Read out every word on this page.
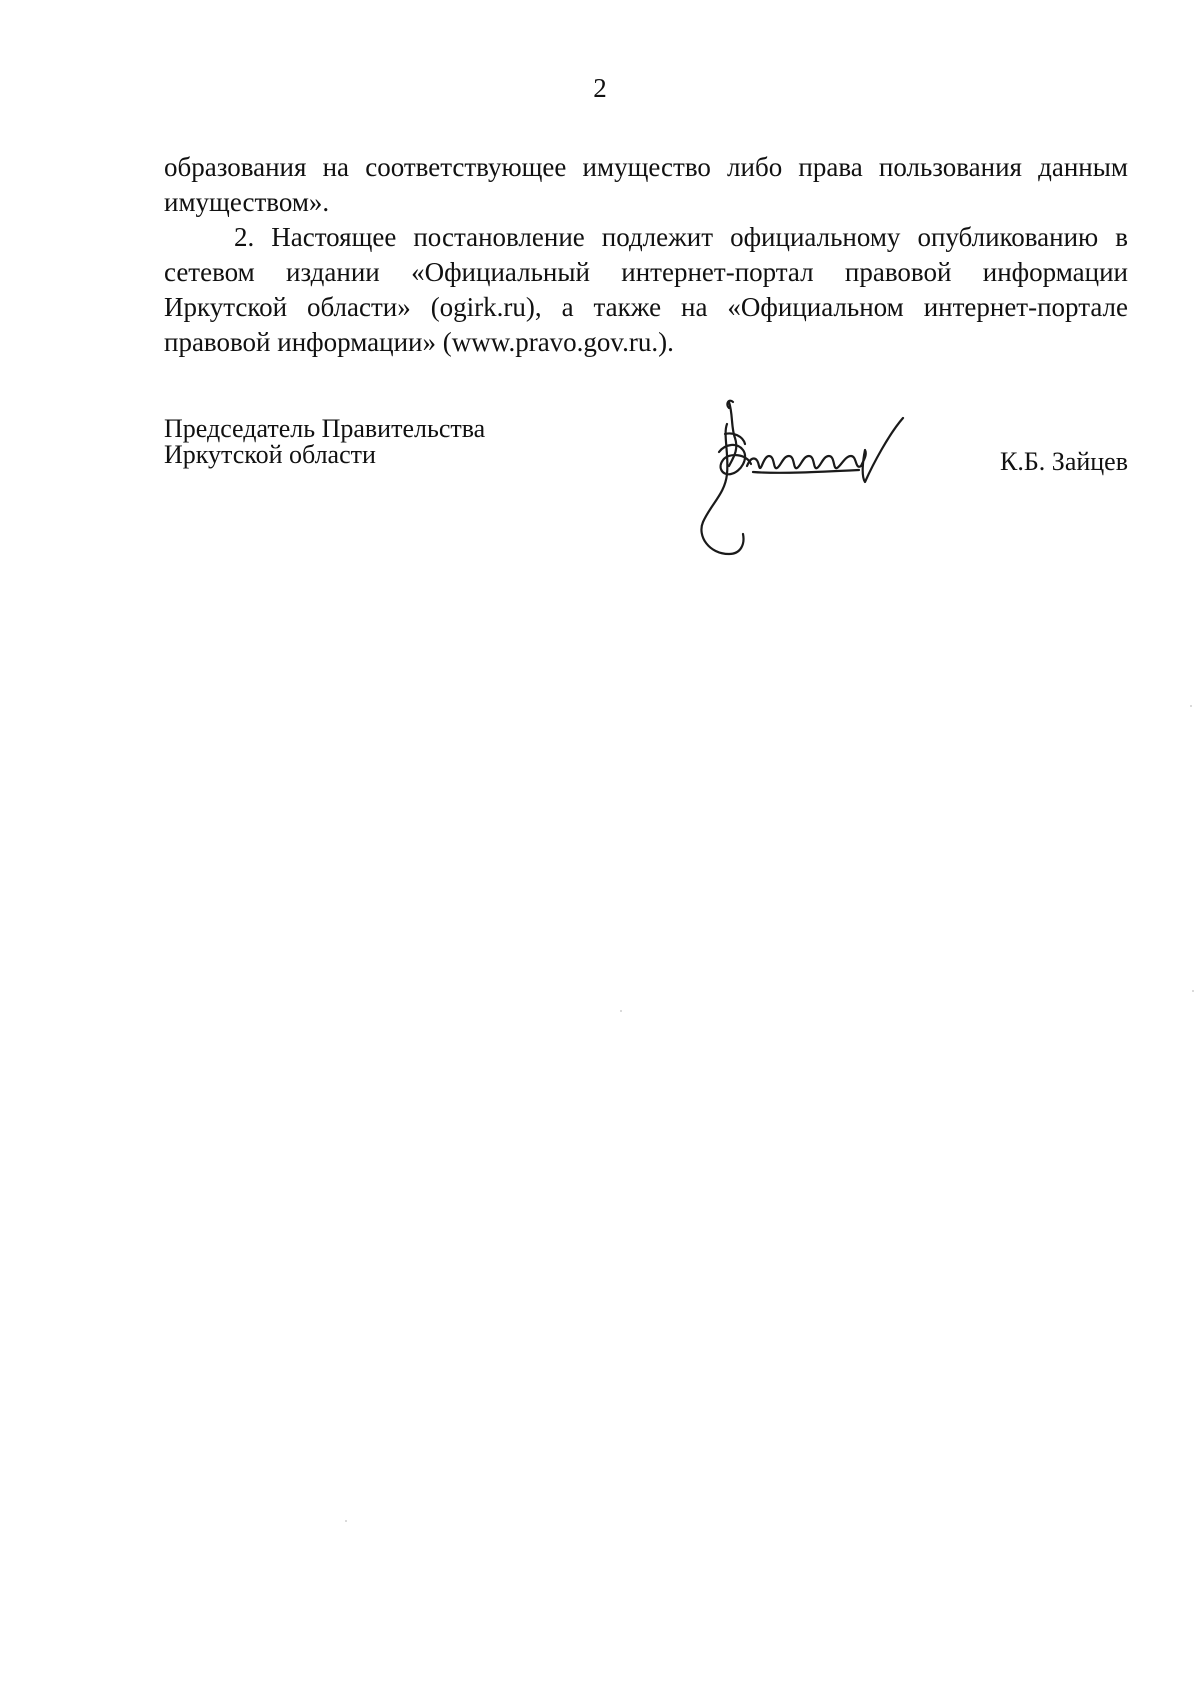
2

образования на соответствующее имущество либо права пользования данным имуществом».

2. Настоящее постановление подлежит официальному опубликованию в сетевом издании «Официальный интернет-портал правовой информации Иркутской области» (ogirk.ru), а также на «Официальном интернет-портале правовой информации» (www.pravo.gov.ru.).

Председатель Правительства
Иркутской области	К.Б. Зайцев
